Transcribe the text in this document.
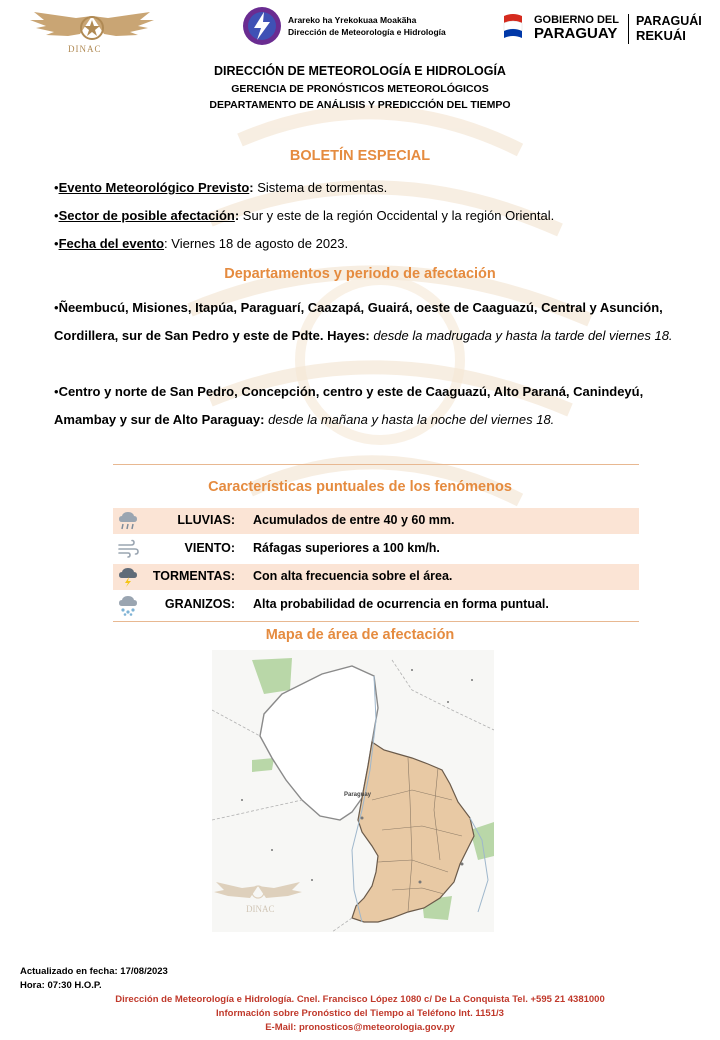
DINAC
Arareko ha Yrekokuaa Moakãha
Dirección de Meteorología e Hidrología
GOBIERNO DEL
PARAGUAY
PARAGUÁI
REKUÁI
DIRECCIÓN DE METEOROLOGÍA E HIDROLOGÍA
GERENCIA DE PRONÓSTICOS METEOROLÓGICOS
DEPARTAMENTO DE ANÁLISIS Y PREDICCIÓN DEL TIEMPO
BOLETÍN ESPECIAL
•Evento Meteorológico Previsto: Sistema de tormentas.
•Sector de posible afectación: Sur y este de la región Occidental y la región Oriental.
•Fecha del evento: Viernes 18 de agosto de 2023.
Departamentos y periodo de afectación
•Ñeembucú, Misiones, Itapúa, Paraguarí, Caazapá, Guairá, oeste de Caaguazú, Central y Asunción, Cordillera, sur de San Pedro y este de Pdte. Hayes: desde la madrugada y hasta la tarde del viernes 18.
•Centro y norte de San Pedro, Concepción, centro y este de Caaguazú, Alto Paraná, Canindeyú, Amambay y sur de Alto Paraguay: desde la mañana y hasta la noche del viernes 18.
Características puntuales de los fenómenos
LLUVIAS: Acumulados de entre 40 y 60 mm.
VIENTO: Ráfagas superiores a 100 km/h.
TORMENTAS: Con alta frecuencia sobre el área.
GRANIZOS: Alta probabilidad de ocurrencia en forma puntual.
Mapa de área de afectación
Paraguay
DINAC
Actualizado en fecha: 17/08/2023
Hora: 07:30 H.O.P.
Dirección de Meteorología e Hidrología. Cnel. Francisco López 1080 c/ De La Conquista Tel. +595 21 4381000
Información sobre Pronóstico del Tiempo al Teléfono Int. 1151/3
E-Mail: pronosticos@meteorologia.gov.py
